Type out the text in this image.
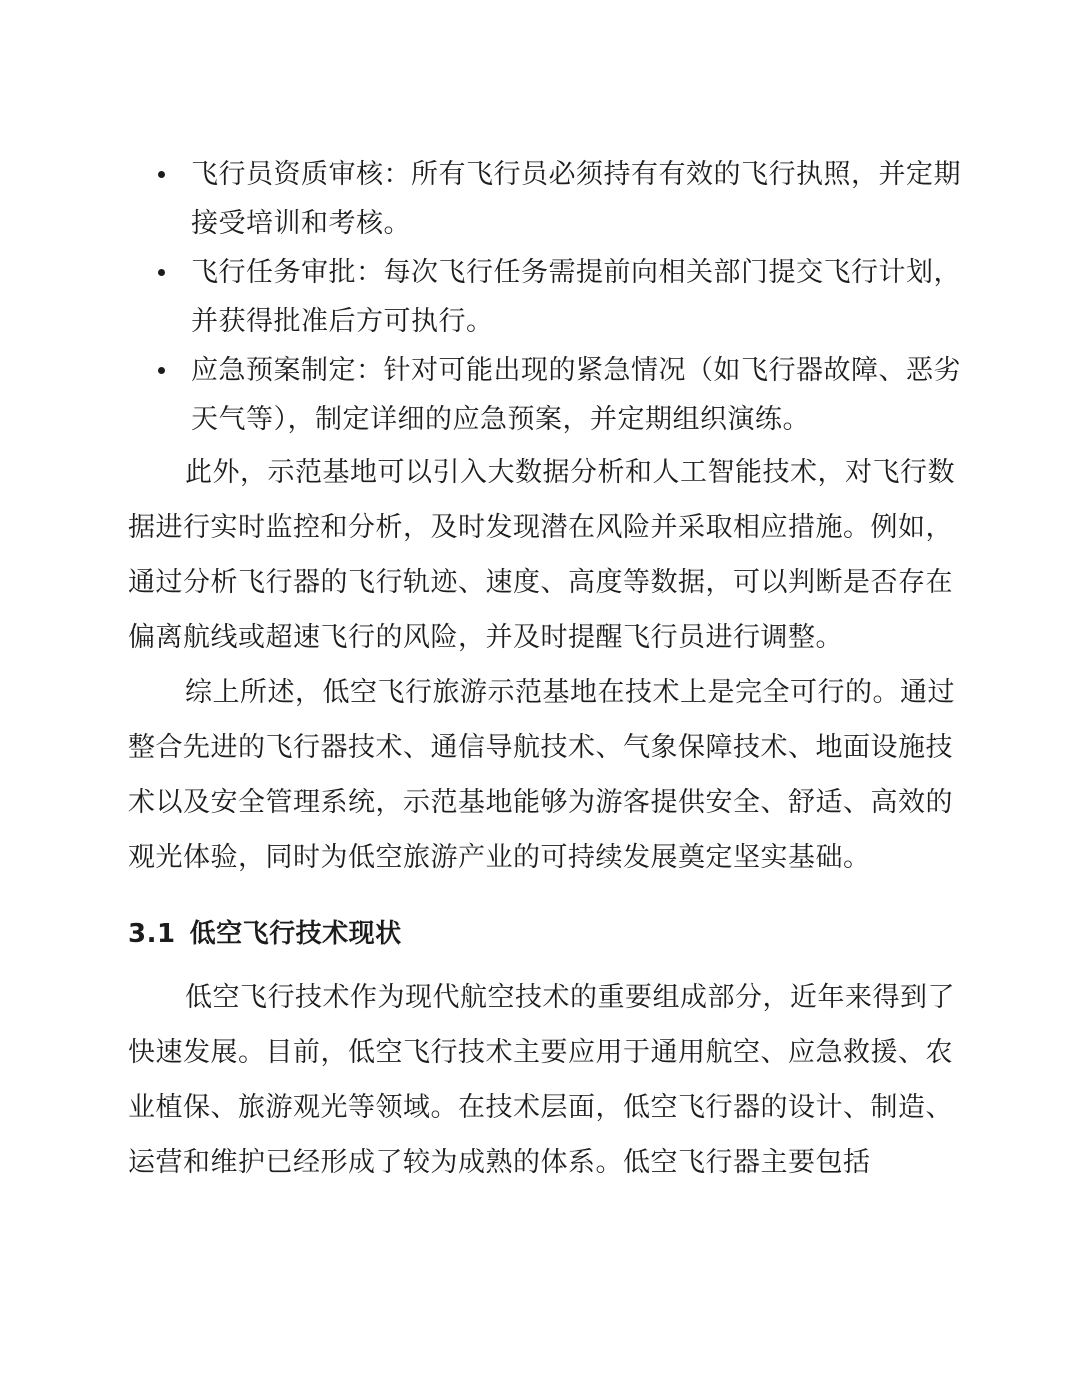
飞行员资质审核：所有飞行员必须持有有效的飞行执照，并定期接受培训和考核。
飞行任务审批：每次飞行任务需提前向相关部门提交飞行计划，并获得批准后方可执行。
应急预案制定：针对可能出现的紧急情况（如飞行器故障、恶劣天气等），制定详细的应急预案，并定期组织演练。

此外，示范基地可以引入大数据分析和人工智能技术，对飞行数据进行实时监控和分析，及时发现潜在风险并采取相应措施。例如，通过分析飞行器的飞行轨迹、速度、高度等数据，可以判断是否存在偏离航线或超速飞行的风险，并及时提醒飞行员进行调整。

综上所述，低空飞行旅游示范基地在技术上是完全可行的。通过整合先进的飞行器技术、通信导航技术、气象保障技术、地面设施技术以及安全管理系统，示范基地能够为游客提供安全、舒适、高效的观光体验，同时为低空旅游产业的可持续发展奠定坚实基础。

3.1 低空飞行技术现状

低空飞行技术作为现代航空技术的重要组成部分，近年来得到了快速发展。目前，低空飞行技术主要应用于通用航空、应急救援、农业植保、旅游观光等领域。在技术层面，低空飞行器的设计、制造、运营和维护已经形成了较为成熟的体系。低空飞行器主要包括
